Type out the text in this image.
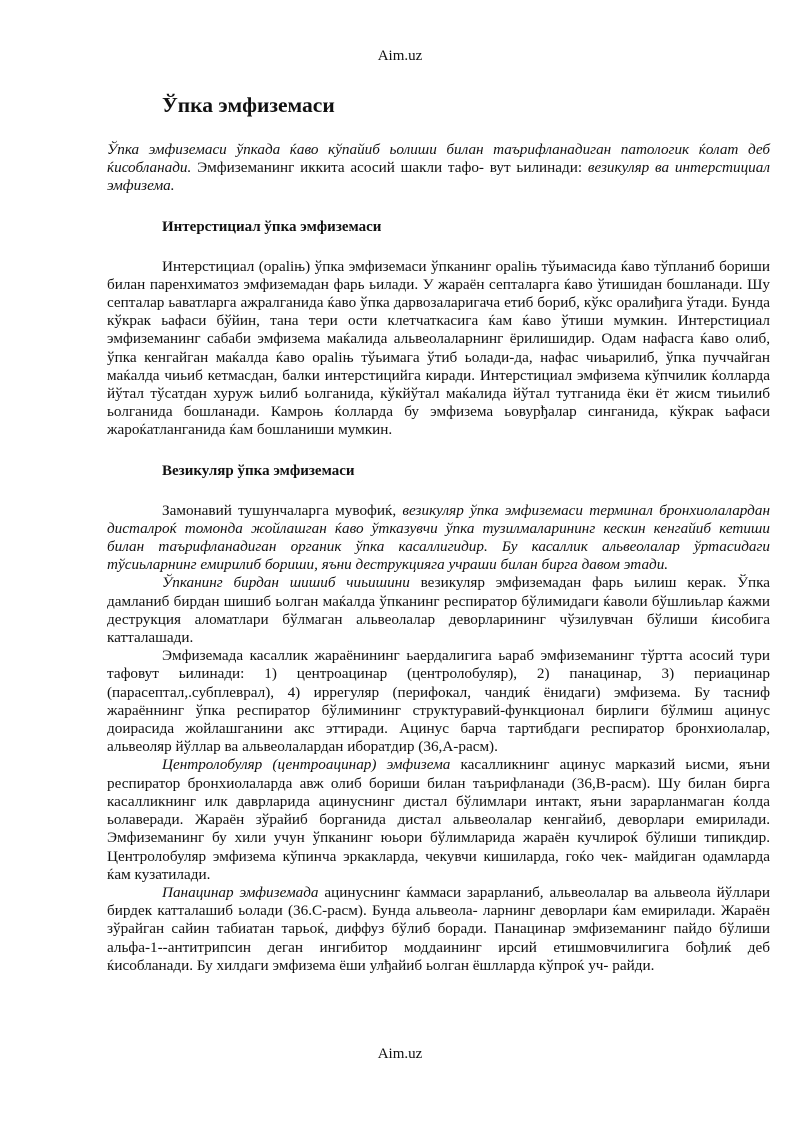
Aim.uz
Ўпка эмфиземаси

Ўпка эмфиземаси ўпкада ќаво кўпайиб ьолиши билан таърифланадиган патологик ќолат деб ќисобланади. Эмфиземанинг иккита асосий шакли тафо- вут ьилинади: везикуляр ва интерстициал эмфизема.

Интерстициал ўпка эмфиземаси

Интерстициал (ораliњ) ўпка эмфиземаси ўпканинг ораliњ тўьимасида ќаво тўпланиб бориши билан паренхиматоз эмфиземадан фарь ьилади. У жараён септаларга ќаво ўтишидан бошланади. Шу септалар ьаватларга ажралганида ќаво ўпка дарвозаларигача етиб бориб, кўкс оралиђига ўтади. Бунда кўкрак ьафаси бўйин, тана тери ости клетчаткасига ќам ќаво ўтиши мумкин. Интерстициал эмфиземанинг сабаби эмфизема маќалида альвеолаларнинг ёрилишидир. Одам нафасга ќаво олиб, ўпка кенгайган маќалда ќаво ораliњ тўьимага ўтиб ьолади-да, нафас чиьарилиб, ўпка пуччайган маќалда чиьиб кетмасдан, балки интерстицийга киради. Интерстициал эмфизема кўпчилик ќолларда йўтал тўсатдан хуруж ьилиб ьолганида, кўкйўтал маќалида йўтал тутганида ёки ёт жисм тиьилиб ьолганида бошланади. Камроњ ќолларда бу эмфизема ьовурђалар синганида, кўкрак ьафаси жароќатланганида ќам бошланиши мумкин.

Везикуляр ўпка эмфиземаси

Замонавий тушунчаларга мувофиќ, везикуляр ўпка эмфиземаси терминал бронхиолалардан дисталроќ томонда жойлашган ќаво ўтказувчи ўпка тузилмаларининг кескин кенгайиб кетиши билан таърифланадиган органик ўпка касаллигидир. Бу касаллик альвеолалар ўртасидаги тўсиьларнинг емирилиб бориши, яъни деструкцияга учраши билан бирга давом этади.

Ўпканинг бирдан шишиб чиьишини везикуляр эмфиземадан фарь ьилиш керак. Ўпка дамланиб бирдан шишиб ьолган маќалда ўпканинг респиратор бўлимидаги ќаволи бўшлиьлар ќажми деструкция аломатлари бўлмаган альвеолалар деворларининг чўзилувчан бўлиши ќисобига катталашади.

Эмфиземада касаллик жараёнининг ьаердалигига ьараб эмфиземанинг тўртта асосий тури тафовут ьилинади: 1) центроацинар (центролобуляр), 2) панацинар, 3) периацинар (парасептал,.субплеврал), 4) иррегуляр (перифокал, чандиќ ёнидаги) эмфизема. Бу тасниф жараённинг ўпка респиратор бўлимининг структуравий-функционал бирлиги бўлмиш ацинус доирасида жойлашганини акс эттиради. Ацинус барча тартибдаги респиратор бронхиолалар, альвеоляр йўллар ва альвеолалардан иборатдир (36,А-расм).

Центролобуляр (центроацинар) эмфизема касалликнинг ацинус марказий ьисми, яъни респиратор бронхиолаларда авж олиб бориши билан таърифланади (36,В-расм). Шу билан бирга касалликнинг илк даврларида ацинуснинг дистал бўлимлари интакт, яъни зарарланмаган ќолда ьолаверади. Жараён зўрайиб борганида дистал альвеолалар кенгайиб, деворлари емирилади. Эмфиземанинг бу хили учун ўпканинг юьори бўлимларида жараён кучлироќ бўлиши типикдир. Центролобуляр эмфизема кўпинча эркакларда, чекувчи кишиларда, гоќо чек- майдиган одамларда ќам кузатилади.

Панацинар эмфиземада ацинуснинг ќаммаси зарарланиб, альвеолалар ва альвеола йўллари бирдек катталашиб ьолади (36.С-расм). Бунда альвеола- ларнинг деворлари ќам емирилади. Жараён зўрайган сайин табиатан тарьоќ, диффуз бўлиб боради. Панацинар эмфиземанинг пайдо бўлиши альфа-1--антитрипсин деган ингибитор моддаининг ирсий етишмовчилигига бођлиќ деб ќисобланади. Бу хилдаги эмфизема ёши улђайиб ьолган ёшлларда кўпроќ уч- райди.

Aim.uz
